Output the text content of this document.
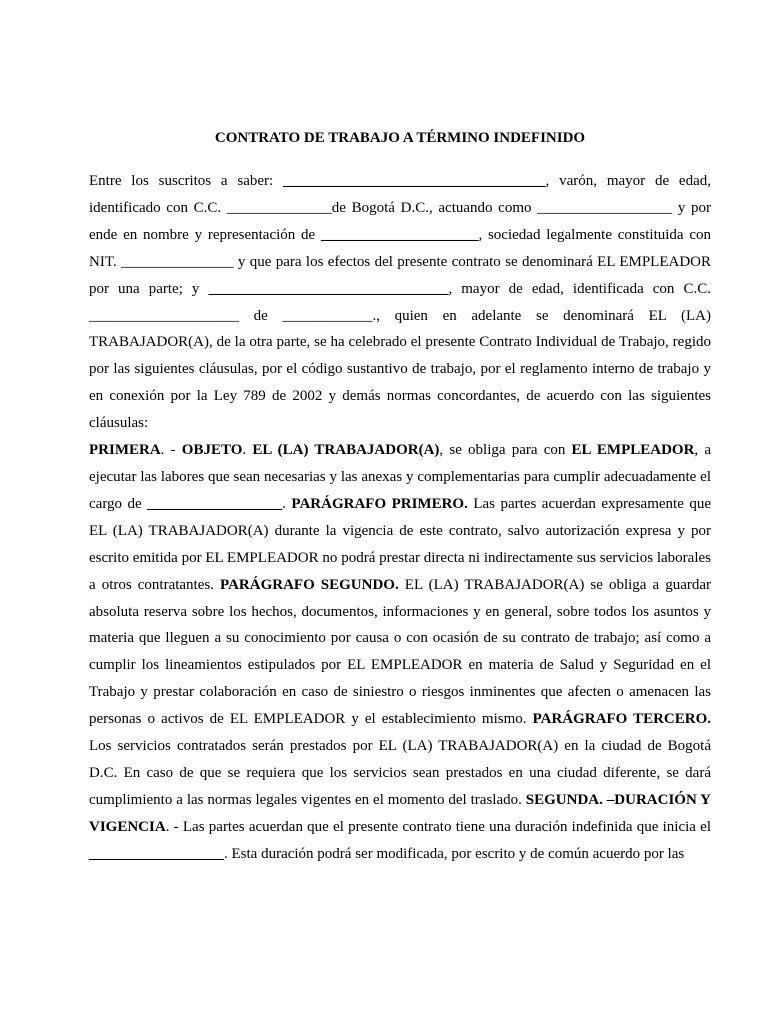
CONTRATO DE TRABAJO A TÉRMINO INDEFINIDO

Entre los suscritos a saber: ___________________________________, varón, mayor de edad, identificado con C.C. ______________de Bogotá D.C., actuando como __________________ y por ende en nombre y representación de _____________________, sociedad legalmente constituida con NIT. _______________ y que para los efectos del presente contrato se denominará EL EMPLEADOR por una parte; y ________________________________, mayor de edad, identificada con C.C. ____________________ de ____________., quien en adelante se denominará EL (LA) TRABAJADOR(A), de la otra parte, se ha celebrado el presente Contrato Individual de Trabajo, regido por las siguientes cláusulas, por el código sustantivo de trabajo, por el reglamento interno de trabajo y en conexión por la Ley 789 de 2002 y demás normas concordantes, de acuerdo con las siguientes cláusulas:

PRIMERA. - OBJETO. EL (LA) TRABAJADOR(A), se obliga para con EL EMPLEADOR, a ejecutar las labores que sean necesarias y las anexas y complementarias para cumplir adecuadamente el cargo de __________________. PARÁGRAFO PRIMERO. Las partes acuerdan expresamente que EL (LA) TRABAJADOR(A) durante la vigencia de este contrato, salvo autorización expresa y por escrito emitida por EL EMPLEADOR no podrá prestar directa ni indirectamente sus servicios laborales a otros contratantes. PARÁGRAFO SEGUNDO. EL (LA) TRABAJADOR(A) se obliga a guardar absoluta reserva sobre los hechos, documentos, informaciones y en general, sobre todos los asuntos y materia que lleguen a su conocimiento por causa o con ocasión de su contrato de trabajo; así como a cumplir los lineamientos estipulados por EL EMPLEADOR en materia de Salud y Seguridad en el Trabajo y prestar colaboración en caso de siniestro o riesgos inminentes que afecten o amenacen las personas o activos de EL EMPLEADOR y el establecimiento mismo. PARÁGRAFO TERCERO. Los servicios contratados serán prestados por EL (LA) TRABAJADOR(A) en la ciudad de Bogotá D.C. En caso de que se requiera que los servicios sean prestados en una ciudad diferente, se dará cumplimiento a las normas legales vigentes en el momento del traslado. SEGUNDA. –DURACIÓN Y VIGENCIA. - Las partes acuerdan que el presente contrato tiene una duración indefinida que inicia el __________________. Esta duración podrá ser modificada, por escrito y de común acuerdo por las
